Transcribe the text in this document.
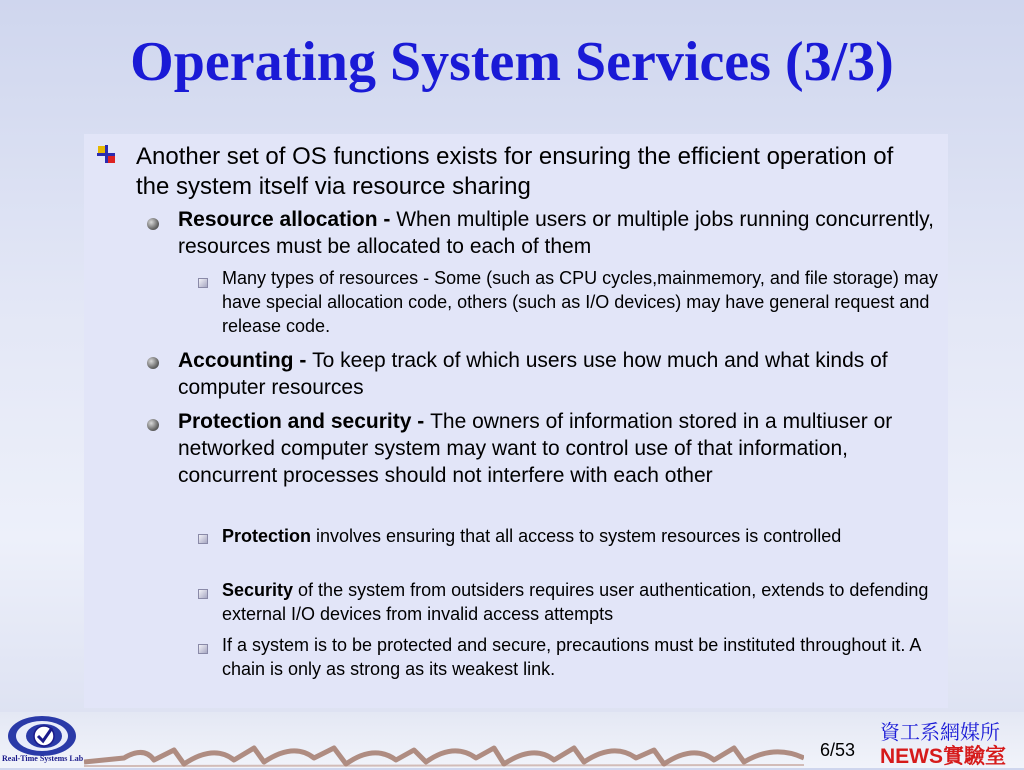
Operating System Services (3/3)
Another set of OS functions exists for ensuring the efficient operation of the system itself via resource sharing
Resource allocation - When multiple users or multiple jobs running concurrently, resources must be allocated to each of them
Many types of resources - Some (such as CPU cycles,mainmemory, and file storage) may have special allocation code, others (such as I/O devices) may have general request and release code.
Accounting - To keep track of which users use how much and what kinds of computer resources
Protection and security - The owners of information stored in a multiuser or networked computer system may want to control use of that information, concurrent processes should not interfere with each other
Protection involves ensuring that all access to system resources is controlled
Security of the system from outsiders requires user authentication, extends to defending external I/O devices from invalid access attempts
If a system is to be protected and secure, precautions must be instituted throughout it. A chain is only as strong as its weakest link.
Real-Time Systems Lab	6/53
資工系網媒所
NEWS實驗室
